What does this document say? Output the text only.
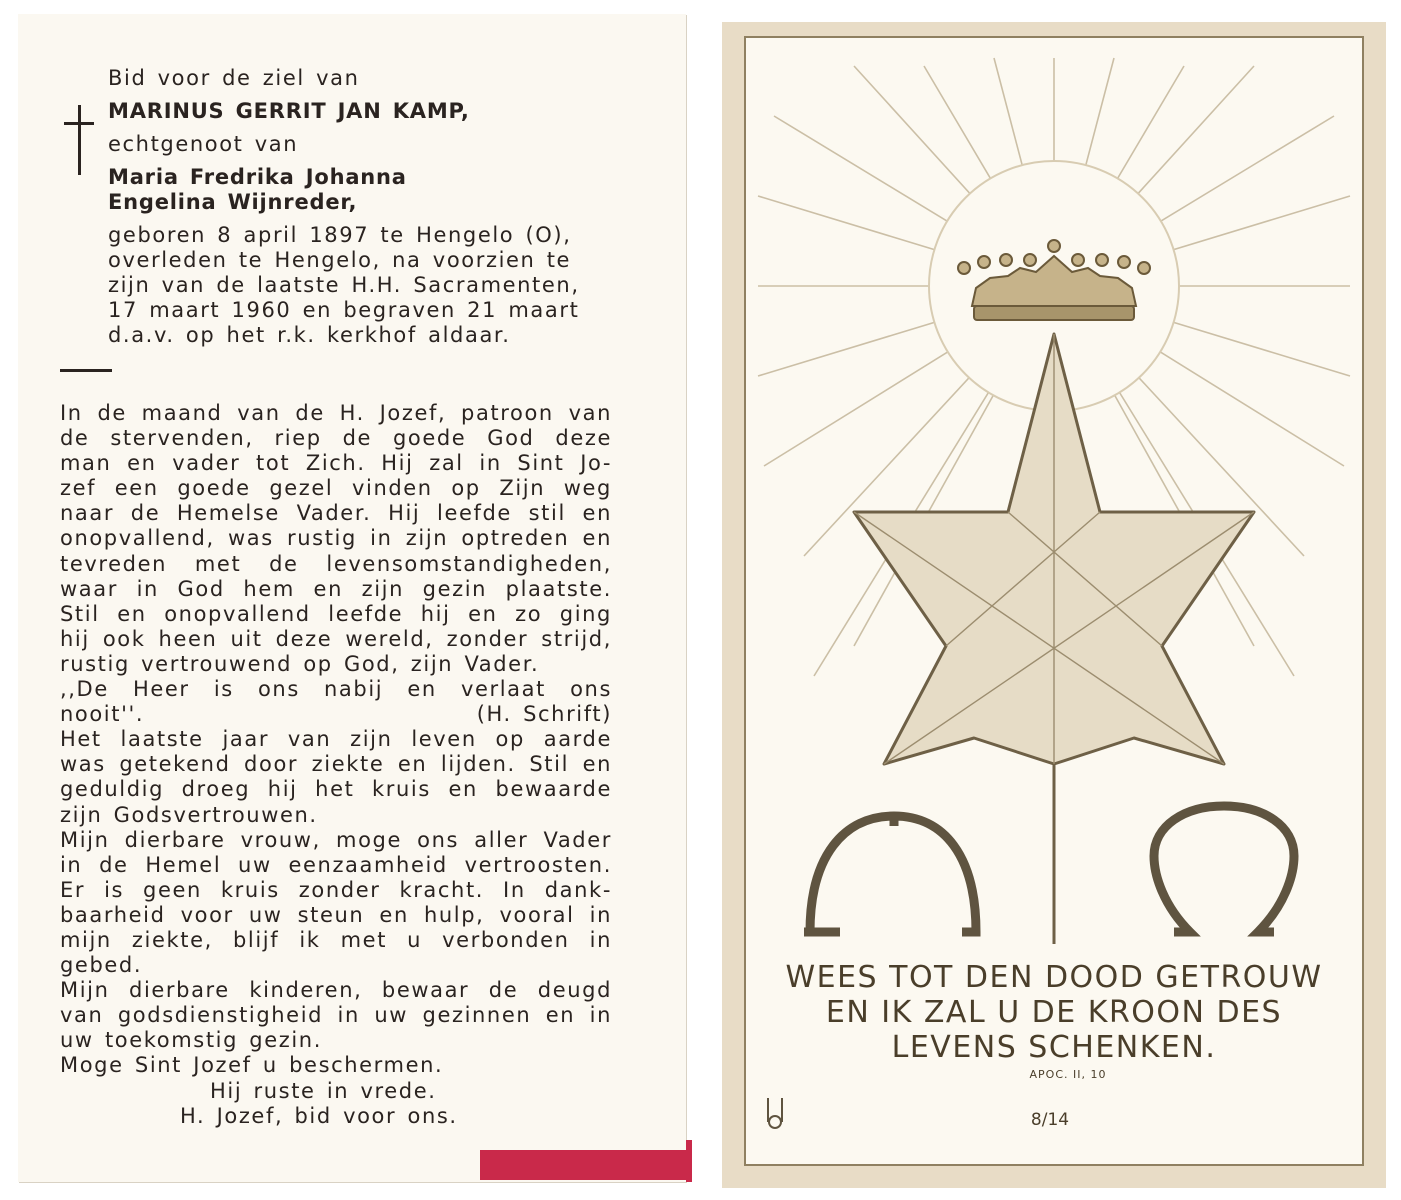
Bid voor de ziel van
MARINUS GERRIT JAN KAMP,
echtgenoot van
Maria Fredrika Johanna
Engelina Wijnreder,
geboren 8 april 1897 te Hengelo (O),
overleden te Hengelo, na voorzien te
zijn van de laatste H.H. Sacramenten,
17 maart 1960 en begraven 21 maart
d.a.v. op het r.k. kerkhof aldaar.
In de maand van de H. Jozef, patroon van
de stervenden, riep de goede God deze
man en vader tot Zich. Hij zal in Sint Jo-
zef een goede gezel vinden op Zijn weg
naar de Hemelse Vader. Hij leefde stil en
onopvallend, was rustig in zijn optreden en
tevreden met de levensomstandigheden,
waar in God hem en zijn gezin plaatste.
Stil en onopvallend leefde hij en zo ging
hij ook heen uit deze wereld, zonder strijd,
rustig vertrouwend op God, zijn Vader.
,,De Heer is ons nabij en verlaat ons
nooit''.	(H. Schrift)
Het laatste jaar van zijn leven op aarde
was getekend door ziekte en lijden. Stil en
geduldig droeg hij het kruis en bewaarde
zijn Godsvertrouwen.
Mijn dierbare vrouw, moge ons aller Vader
in de Hemel uw eenzaamheid vertroosten.
Er is geen kruis zonder kracht. In dank-
baarheid voor uw steun en hulp, vooral in
mijn ziekte, blijf ik met u verbonden in
gebed.
Mijn dierbare kinderen, bewaar de deugd
van godsdienstigheid in uw gezinnen en in
uw toekomstig gezin.
Moge Sint Jozef u beschermen.
Hij ruste in vrede.
H. Jozef, bid voor ons.
WEES TOT DEN DOOD GETROUW
EN IK ZAL U DE KROON DES
LEVENS SCHENKEN.
APOC. II, 10
8/14
